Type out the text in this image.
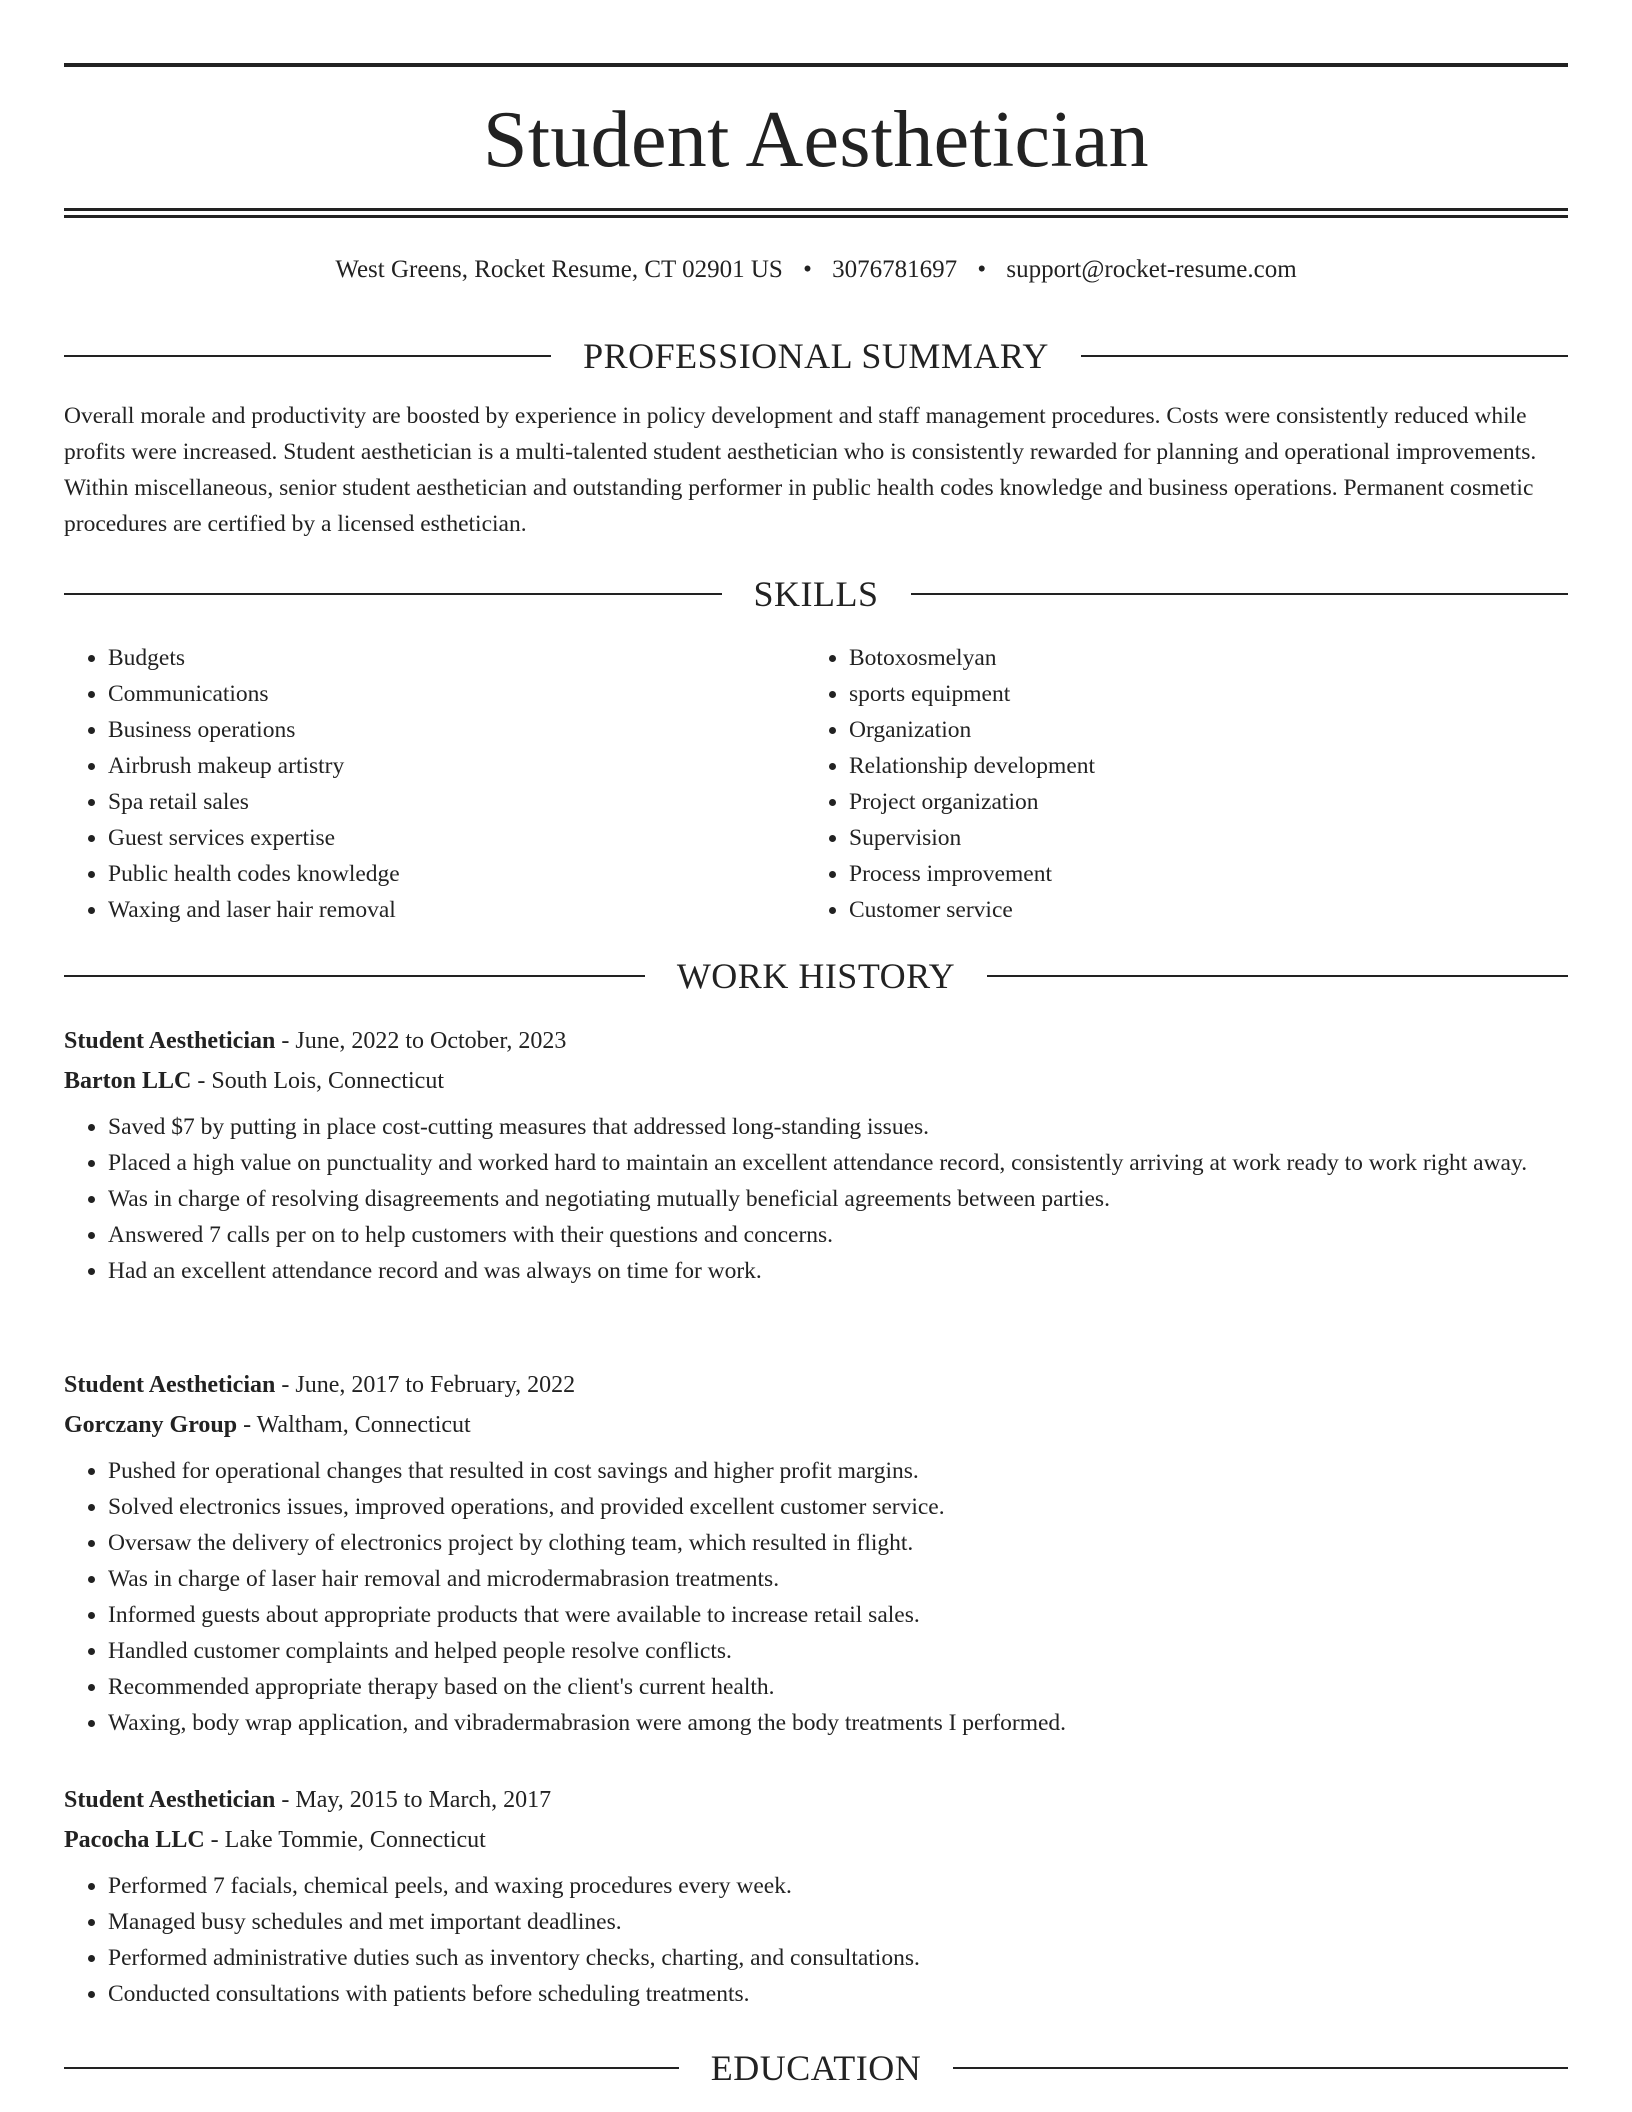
Student Aesthetician
West Greens, Rocket Resume, CT 02901 US • 3076781697 • support@rocket-resume.com
PROFESSIONAL SUMMARY

Overall morale and productivity are boosted by experience in policy development and staff management procedures. Costs were consistently reduced while profits were increased. Student aesthetician is a multi-talented student aesthetician who is consistently rewarded for planning and operational improvements. Within miscellaneous, senior student aesthetician and outstanding performer in public health codes knowledge and business operations. Permanent cosmetic procedures are certified by a licensed esthetician.

SKILLS
• Budgets
• Communications
• Business operations
• Airbrush makeup artistry
• Spa retail sales
• Guest services expertise
• Public health codes knowledge
• Waxing and laser hair removal
• Botoxosmelyan
• sports equipment
• Organization
• Relationship development
• Project organization
• Supervision
• Process improvement
• Customer service
WORK HISTORY
Student Aesthetician - June, 2022 to October, 2023
Barton LLC - South Lois, Connecticut
• Saved $7 by putting in place cost-cutting measures that addressed long-standing issues.
• Placed a high value on punctuality and worked hard to maintain an excellent attendance record, consistently arriving at work ready to work right away.
• Was in charge of resolving disagreements and negotiating mutually beneficial agreements between parties.
• Answered 7 calls per on to help customers with their questions and concerns.
• Had an excellent attendance record and was always on time for work.
Student Aesthetician - June, 2017 to February, 2022
Gorczany Group - Waltham, Connecticut
• Pushed for operational changes that resulted in cost savings and higher profit margins.
• Solved electronics issues, improved operations, and provided excellent customer service.
• Oversaw the delivery of electronics project by clothing team, which resulted in flight.
• Was in charge of laser hair removal and microdermabrasion treatments.
• Informed guests about appropriate products that were available to increase retail sales.
• Handled customer complaints and helped people resolve conflicts.
• Recommended appropriate therapy based on the client's current health.
• Waxing, body wrap application, and vibradermabrasion were among the body treatments I performed.
Student Aesthetician - May, 2015 to March, 2017
Pacocha LLC - Lake Tommie, Connecticut
• Performed 7 facials, chemical peels, and waxing procedures every week.
• Managed busy schedules and met important deadlines.
• Performed administrative duties such as inventory checks, charting, and consultations.
• Conducted consultations with patients before scheduling treatments.
EDUCATION
